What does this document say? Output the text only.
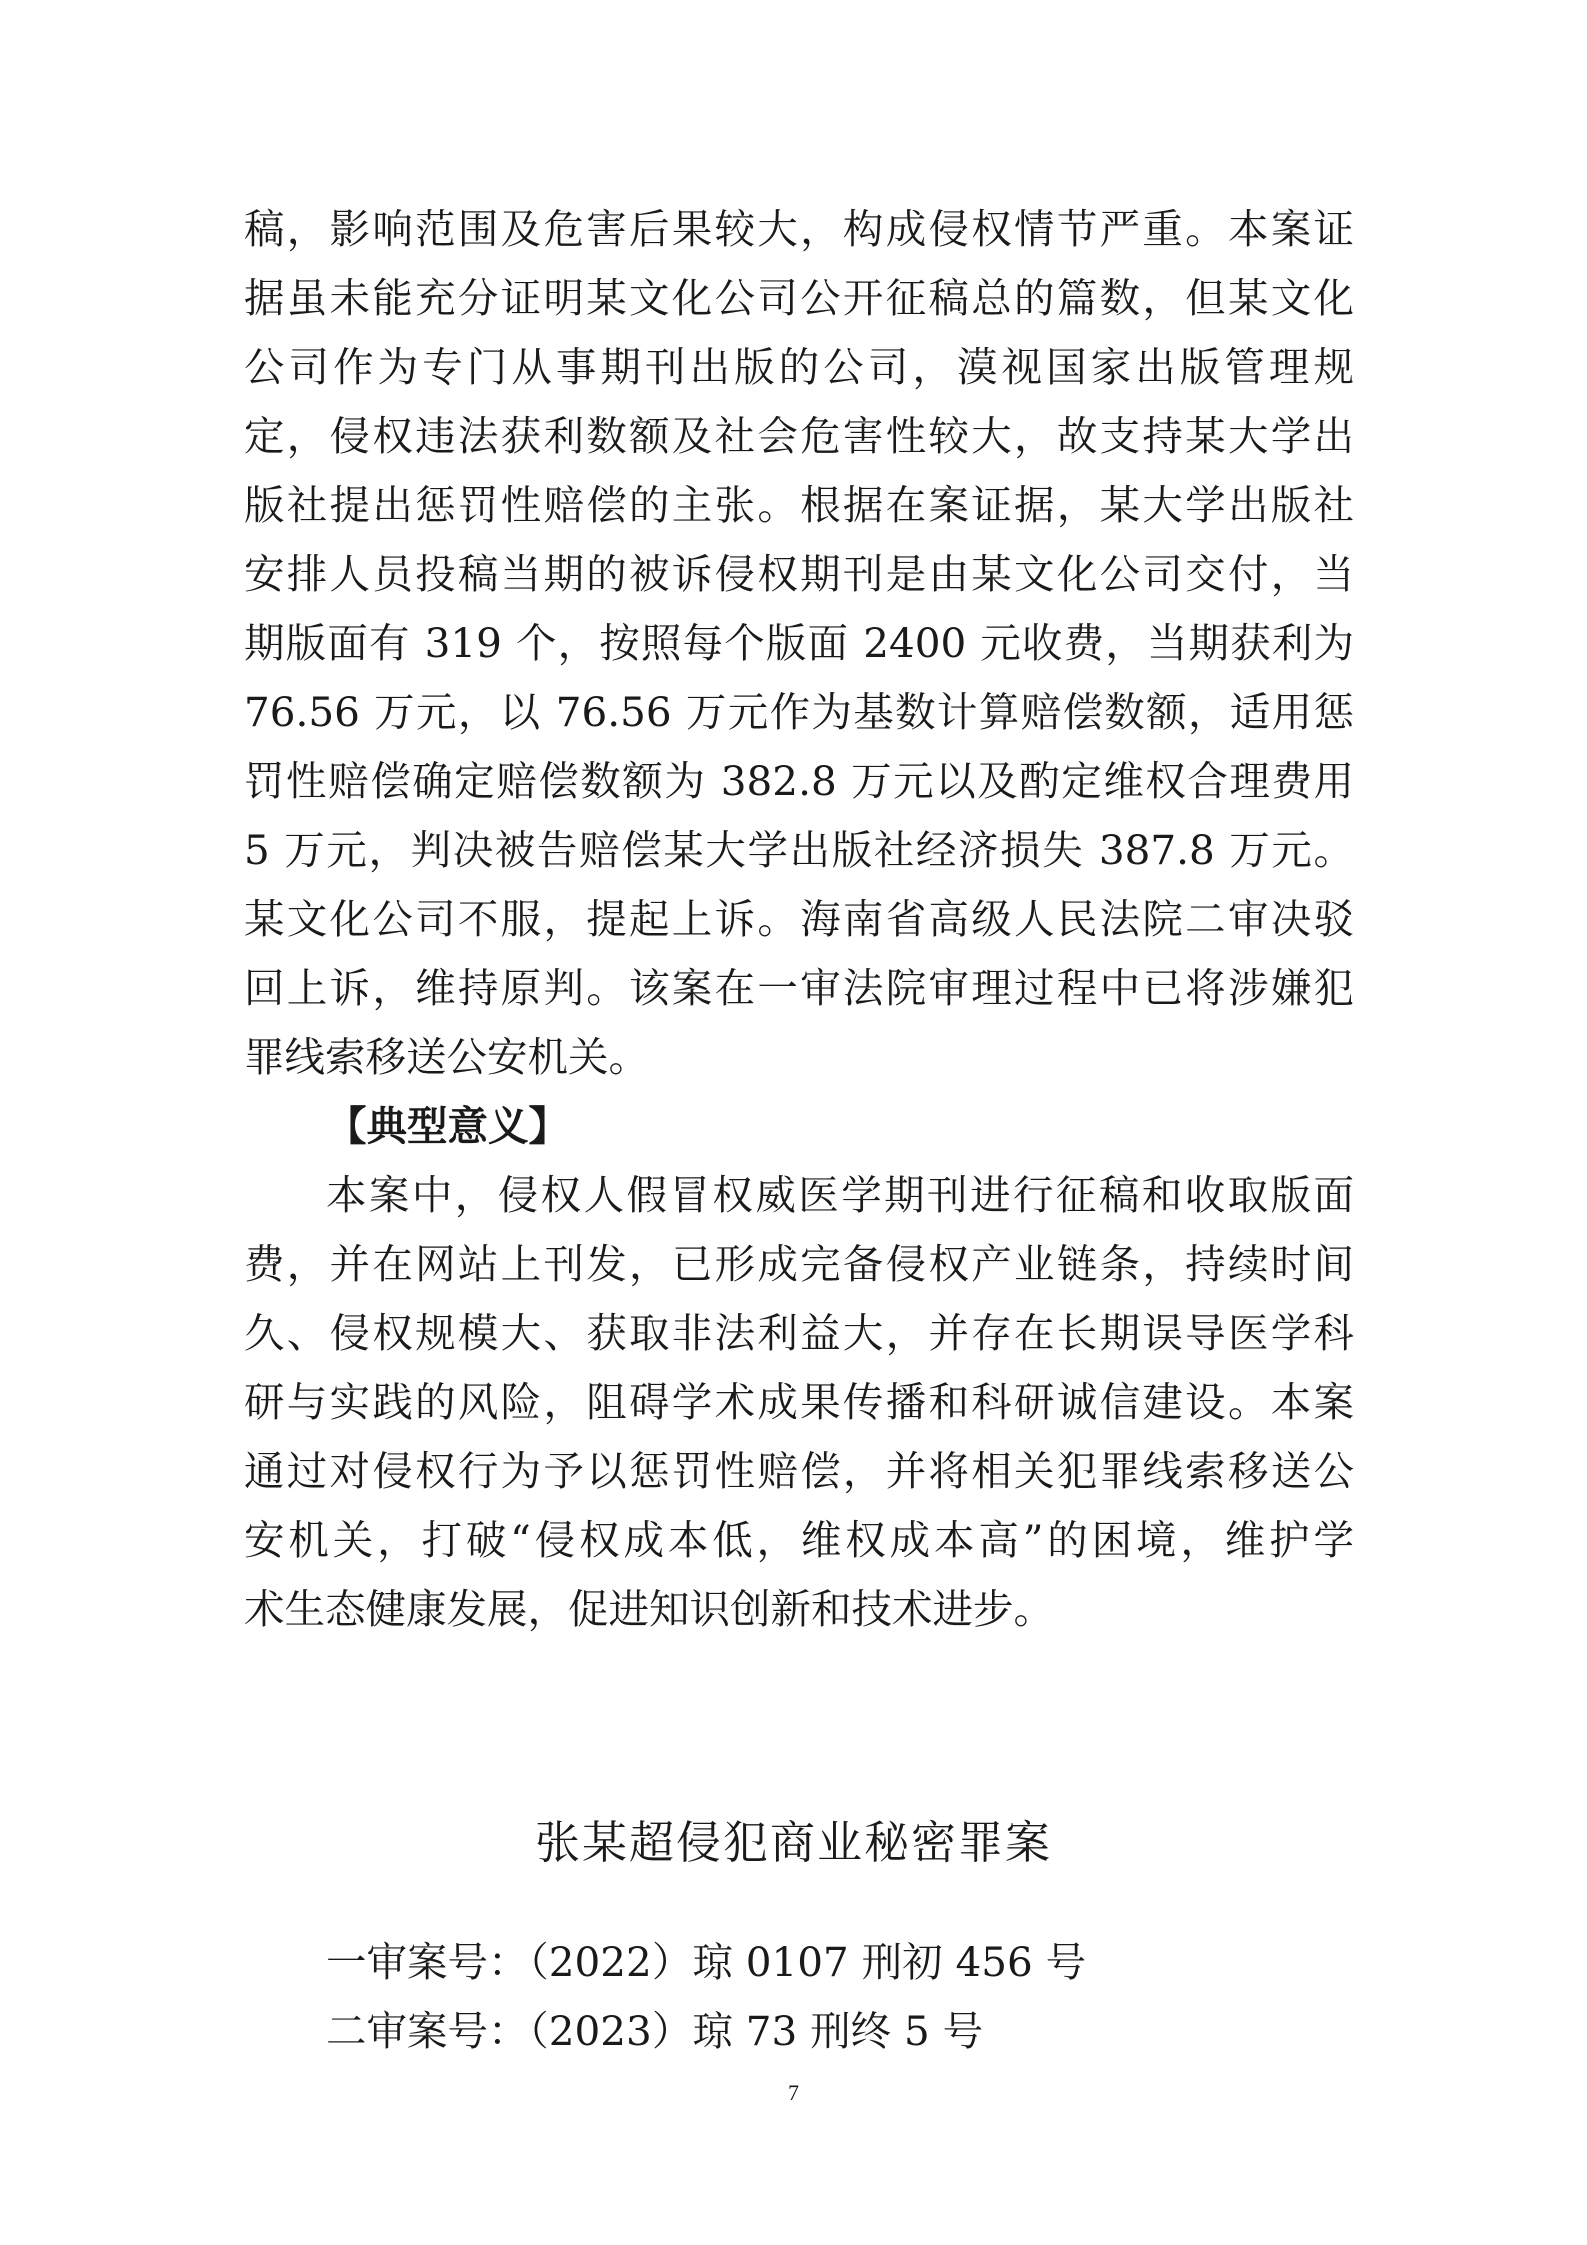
稿，影响范围及危害后果较大，构成侵权情节严重。本案证
据虽未能充分证明某文化公司公开征稿总的篇数，但某文化
公司作为专门从事期刊出版的公司，漠视国家出版管理规
定，侵权违法获利数额及社会危害性较大，故支持某大学出
版社提出惩罚性赔偿的主张。根据在案证据，某大学出版社
安排人员投稿当期的被诉侵权期刊是由某文化公司交付，当
期版面有 319 个，按照每个版面 2400 元收费，当期获利为
76.56 万元，以 76.56 万元作为基数计算赔偿数额，适用惩
罚性赔偿确定赔偿数额为 382.8 万元以及酌定维权合理费用
5 万元，判决被告赔偿某大学出版社经济损失 387.8 万元。
某文化公司不服，提起上诉。海南省高级人民法院二审决驳
回上诉，维持原判。该案在一审法院审理过程中已将涉嫌犯
罪线索移送公安机关。
【典型意义】
本案中，侵权人假冒权威医学期刊进行征稿和收取版面
费，并在网站上刊发，已形成完备侵权产业链条，持续时间
久、侵权规模大、获取非法利益大，并存在长期误导医学科
研与实践的风险，阻碍学术成果传播和科研诚信建设。本案
通过对侵权行为予以惩罚性赔偿，并将相关犯罪线索移送公
安机关，打破“侵权成本低，维权成本高”的困境，维护学
术生态健康发展，促进知识创新和技术进步。
张某超侵犯商业秘密罪案
一审案号：（2022）琼 0107 刑初 456 号
二审案号：（2023）琼 73 刑终 5 号
7
